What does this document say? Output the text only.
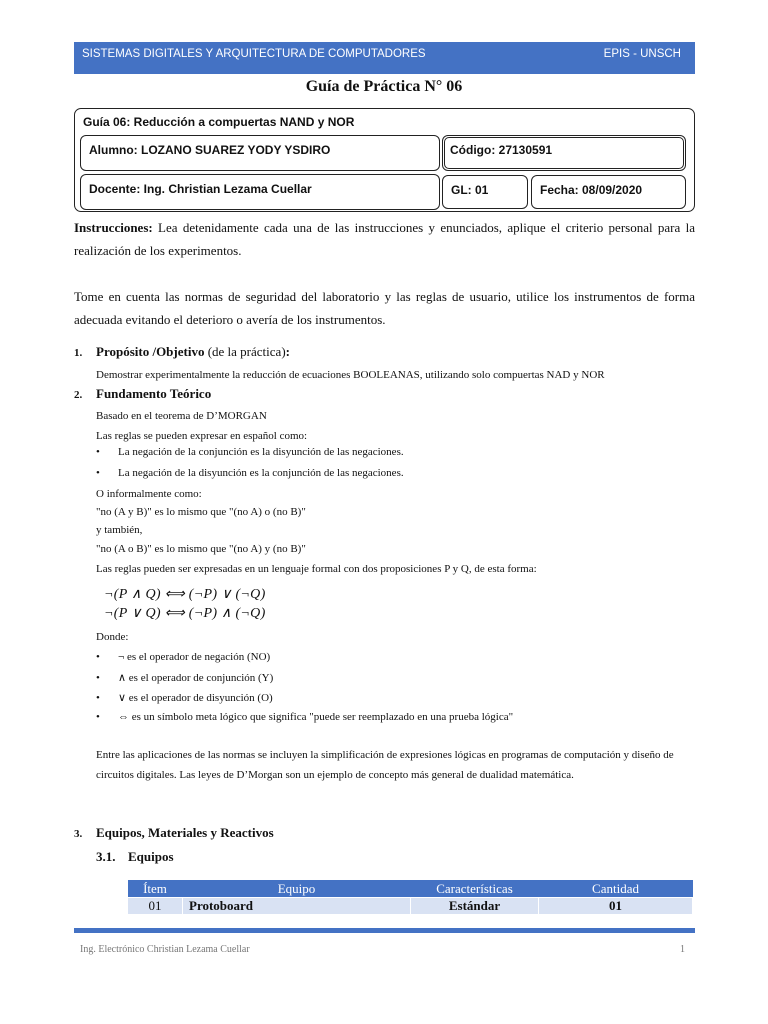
SISTEMAS DIGITALES Y ARQUITECTURA DE COMPUTADORES	EPIS - UNSCH
Guía de Práctica N° 06
Guía 06: Reducción a compuertas NAND y NOR
Alumno: LOZANO SUAREZ YODY YSDIRO	Código: 27130591
Docente: Ing. Christian Lezama Cuellar	GL: 01	Fecha: 08/09/2020
Instrucciones: Lea detenidamente cada una de las instrucciones y enunciados, aplique el criterio personal para la realización de los experimentos.
Tome en cuenta las normas de seguridad del laboratorio y las reglas de usuario, utilice los instrumentos de forma adecuada evitando el deterioro o avería de los instrumentos.
1. Propósito /Objetivo (de la práctica):
Demostrar experimentalmente la reducción de ecuaciones BOOLEANAS, utilizando solo compuertas NAD y NOR
2. Fundamento Teórico
Basado en el teorema de D’MORGAN
Las reglas se pueden expresar en español como:
• La negación de la conjunción es la disyunción de las negaciones.
• La negación de la disyunción es la conjunción de las negaciones.
O informalmente como:
"no (A y B)" es lo mismo que "(no A) o (no B)"
y también,
"no (A o B)" es lo mismo que "(no A) y (no B)"
Las reglas pueden ser expresadas en un lenguaje formal con dos proposiciones P y Q, de esta forma:
¬(P ∧ Q) ⟺ (¬P) ∨ (¬Q)
¬(P ∨ Q) ⟺ (¬P) ∧ (¬Q)
Donde:
• ¬ es el operador de negación (NO)
• ∧ es el operador de conjunción (Y)
• ∨ es el operador de disyunción (O)
• ⇔ es un símbolo meta lógico que significa "puede ser reemplazado en una prueba lógica"
Entre las aplicaciones de las normas se incluyen la simplificación de expresiones lógicas en programas de computación y diseño de circuitos digitales. Las leyes de D’Morgan son un ejemplo de concepto más general de dualidad matemática.
3. Equipos, Materiales y Reactivos
3.1. Equipos
Ítem	Equipo	Características	Cantidad
01	Protoboard	Estándar	01
Ing. Electrónico Christian Lezama Cuellar	1
